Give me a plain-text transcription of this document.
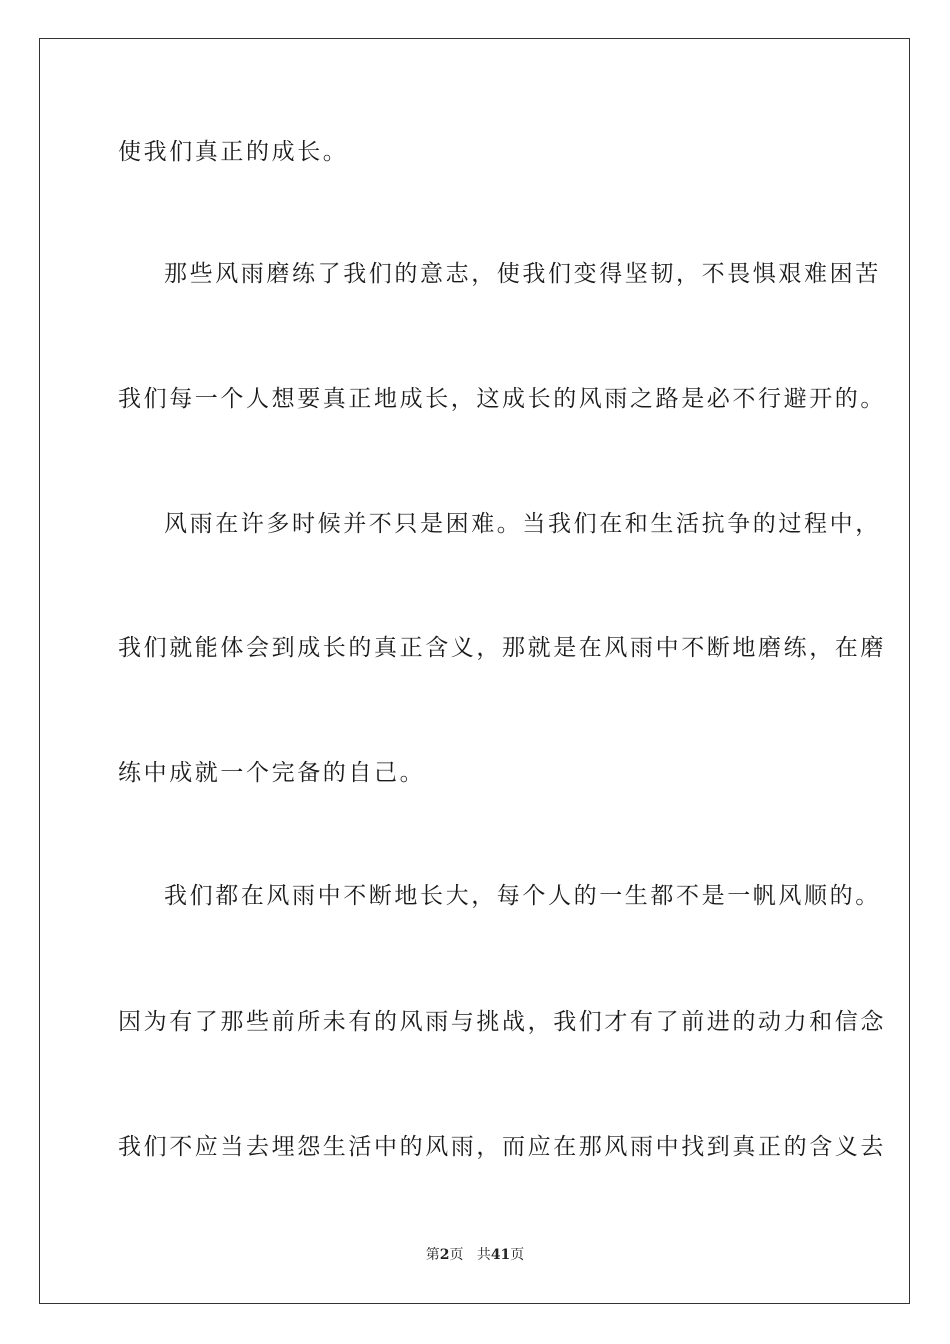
使我们真正的成长。
那些风雨磨练了我们的意志，使我们变得坚韧，不畏惧艰难困苦
我们每一个人想要真正地成长，这成长的风雨之路是必不行避开的。
风雨在许多时候并不只是困难。当我们在和生活抗争的过程中，
我们就能体会到成长的真正含义，那就是在风雨中不断地磨练，在磨
练中成就一个完备的自己。
我们都在风雨中不断地长大，每个人的一生都不是一帆风顺的。
因为有了那些前所未有的风雨与挑战，我们才有了前进的动力和信念
我们不应当去埋怨生活中的风雨，而应在那风雨中找到真正的含义去
第2页 共41页
